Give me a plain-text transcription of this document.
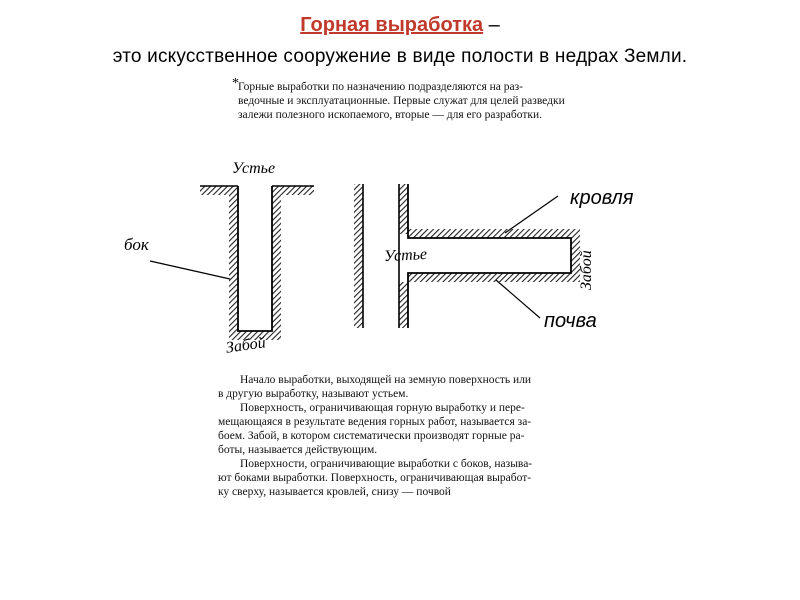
Горная выработка –
это искусственное сооружение в виде полости в недрах Земли.
* Горные выработки по назначению подразделяются на раз-
ведочные и эксплуатационные. Первые служат для целей разведки
залежи полезного ископаемого, вторые — для его разработки.
Устье
Устье
Забой
Забой
кровля
бок
почва
Начало выработки, выходящей на земную поверхность или
в другую выработку, называют устьем.
Поверхность, ограничивающая горную выработку и пере-
мещающаяся в результате ведения горных работ, называется за-
боем. Забой, в котором систематически производят горные ра-
боты, называется действующим.
Поверхности, ограничивающие выработки с боков, называ-
ют боками выработки. Поверхность, ограничивающая выработ-
ку сверху, называется кровлей, снизу — почвой
